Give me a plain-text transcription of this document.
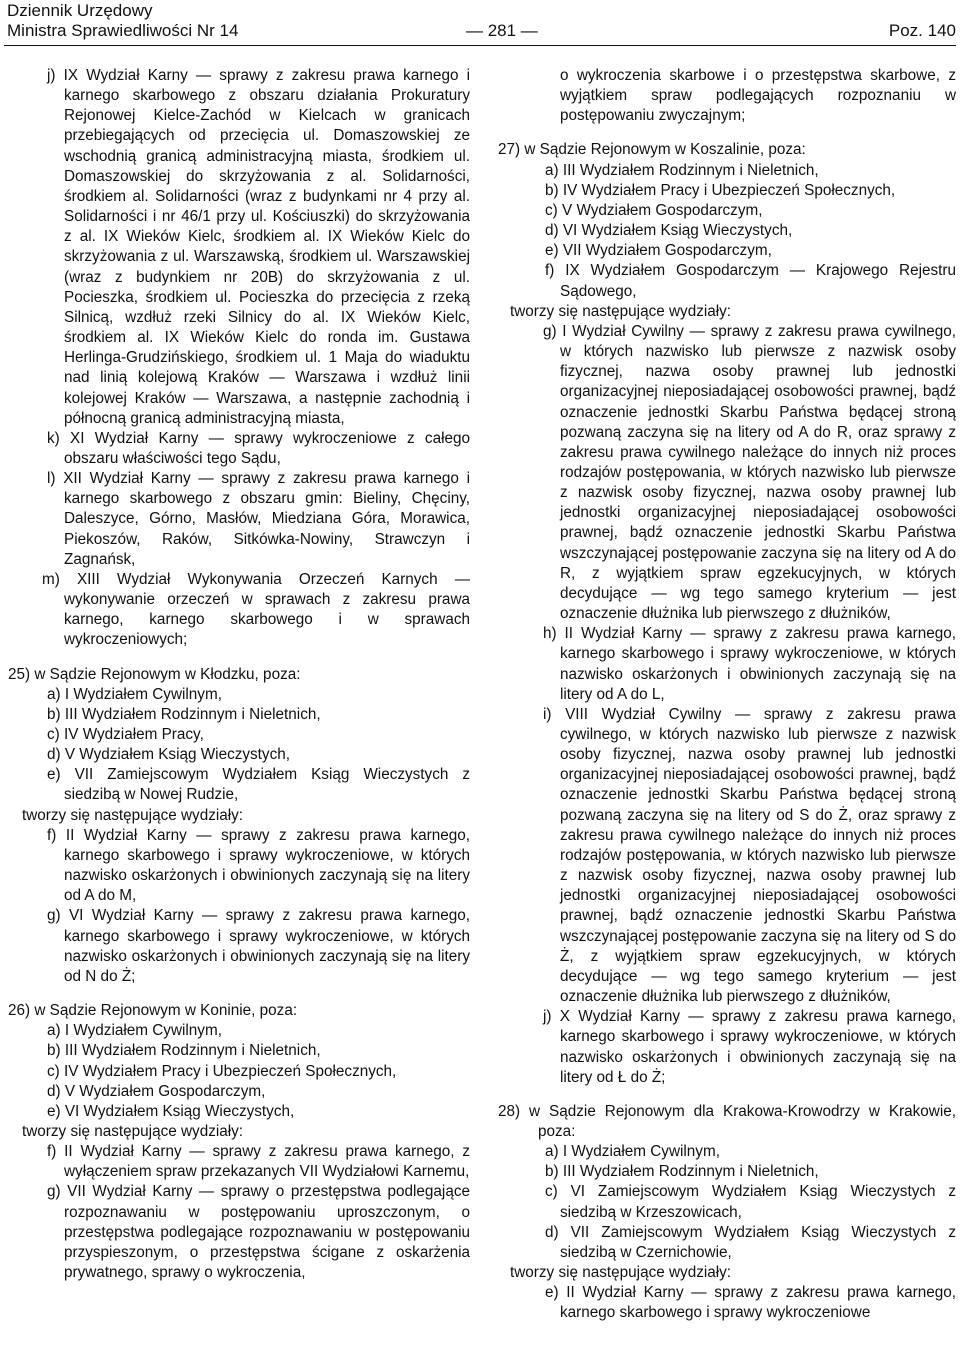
Dziennik Urzędowy
Ministra Sprawiedliwości Nr 14	— 281 —	Poz. 140

j) IX Wydział Karny — sprawy z zakresu prawa karnego i karnego skarbowego z obszaru działania Prokuratury Rejonowej Kielce-Zachód w Kielcach w granicach przebiegających od przecięcia ul. Domaszowskiej ze wschodnią granicą administracyjną miasta, środkiem ul. Domaszowskiej do skrzyżowania z al. Solidarności, środkiem al. Solidarności (wraz z budynkami nr 4 przy al. Solidarności i nr 46/1 przy ul. Kościuszki) do skrzyżowania z al. IX Wieków Kielc, środkiem al. IX Wieków Kielc do skrzyżowania z ul. Warszawską, środkiem ul. Warszawskiej (wraz z budynkiem nr 20B) do skrzyżowania z ul. Pocieszka, środkiem ul. Pocieszka do przecięcia z rzeką Silnicą, wzdłuż rzeki Silnicy do al. IX Wieków Kielc, środkiem al. IX Wieków Kielc do ronda im. Gustawa Herlinga-Grudzińskiego, środkiem ul. 1 Maja do wiaduktu nad linią kolejową Kraków — Warszawa i wzdłuż linii kolejowej Kraków — Warszawa, a następnie zachodnią i północną granicą administracyjną miasta,

k) XI Wydział Karny — sprawy wykroczeniowe z całego obszaru właściwości tego Sądu,

l) XII Wydział Karny — sprawy z zakresu prawa karnego i karnego skarbowego z obszaru gmin: Bieliny, Chęciny, Daleszyce, Górno, Masłów, Miedziana Góra, Morawica, Piekoszów, Raków, Sitkówka-Nowiny, Strawczyn i Zagnańsk,

m) XIII Wydział Wykonywania Orzeczeń Karnych — wykonywanie orzeczeń w sprawach z zakresu prawa karnego, karnego skarbowego i w sprawach wykroczeniowych;

25) w Sądzie Rejonowym w Kłodzku, poza:

a) I Wydziałem Cywilnym,

b) III Wydziałem Rodzinnym i Nieletnich,

c) IV Wydziałem Pracy,

d) V Wydziałem Ksiąg Wieczystych,

e) VII Zamiejscowym Wydziałem Ksiąg Wieczystych z siedzibą w Nowej Rudzie,

tworzy się następujące wydziały:

f) II Wydział Karny — sprawy z zakresu prawa karnego, karnego skarbowego i sprawy wykroczeniowe, w których nazwisko oskarżonych i obwinionych zaczynają się na litery od A do M,

g) VI Wydział Karny — sprawy z zakresu prawa karnego, karnego skarbowego i sprawy wykroczeniowe, w których nazwisko oskarżonych i obwinionych zaczynają się na litery od N do Ż;

26) w Sądzie Rejonowym w Koninie, poza:

a) I Wydziałem Cywilnym,

b) III Wydziałem Rodzinnym i Nieletnich,

c) IV Wydziałem Pracy i Ubezpieczeń Społecznych,

d) V Wydziałem Gospodarczym,

e) VI Wydziałem Ksiąg Wieczystych,

tworzy się następujące wydziały:

f) II Wydział Karny — sprawy z zakresu prawa karnego, z wyłączeniem spraw przekazanych VII Wydziałowi Karnemu,

g) VII Wydział Karny — sprawy o przestępstwa podlegające rozpoznawaniu w postępowaniu uproszczonym, o przestępstwa podlegające rozpoznawaniu w postępowaniu przyspieszonym, o przestępstwa ścigane z oskarżenia prywatnego, sprawy o wykroczenia,

o wykroczenia skarbowe i o przestępstwa skarbowe, z wyjątkiem spraw podlegających rozpoznaniu w postępowaniu zwyczajnym;

27) w Sądzie Rejonowym w Koszalinie, poza:

a) III Wydziałem Rodzinnym i Nieletnich,

b) IV Wydziałem Pracy i Ubezpieczeń Społecznych,

c) V Wydziałem Gospodarczym,

d) VI Wydziałem Ksiąg Wieczystych,

e) VII Wydziałem Gospodarczym,

f) IX Wydziałem Gospodarczym — Krajowego Rejestru Sądowego,

tworzy się następujące wydziały:

g) I Wydział Cywilny — sprawy z zakresu prawa cywilnego, w których nazwisko lub pierwsze z nazwisk osoby fizycznej, nazwa osoby prawnej lub jednostki organizacyjnej nieposiadającej osobowości prawnej, bądź oznaczenie jednostki Skarbu Państwa będącej stroną pozwaną zaczyna się na litery od A do R, oraz sprawy z zakresu prawa cywilnego należące do innych niż proces rodzajów postępowania, w których nazwisko lub pierwsze z nazwisk osoby fizycznej, nazwa osoby prawnej lub jednostki organizacyjnej nieposiadającej osobowości prawnej, bądź oznaczenie jednostki Skarbu Państwa wszczynającej postępowanie zaczyna się na litery od A do R, z wyjątkiem spraw egzekucyjnych, w których decydujące — wg tego samego kryterium — jest oznaczenie dłużnika lub pierwszego z dłużników,

h) II Wydział Karny — sprawy z zakresu prawa karnego, karnego skarbowego i sprawy wykroczeniowe, w których nazwisko oskarżonych i obwinionych zaczynają się na litery od A do L,

i) VIII Wydział Cywilny — sprawy z zakresu prawa cywilnego, w których nazwisko lub pierwsze z nazwisk osoby fizycznej, nazwa osoby prawnej lub jednostki organizacyjnej nieposiadającej osobowości prawnej, bądź oznaczenie jednostki Skarbu Państwa będącej stroną pozwaną zaczyna się na litery od S do Ż, oraz sprawy z zakresu prawa cywilnego należące do innych niż proces rodzajów postępowania, w których nazwisko lub pierwsze z nazwisk osoby fizycznej, nazwa osoby prawnej lub jednostki organizacyjnej nieposiadającej osobowości prawnej, bądź oznaczenie jednostki Skarbu Państwa wszczynającej postępowanie zaczyna się na litery od S do Ż, z wyjątkiem spraw egzekucyjnych, w których decydujące — wg tego samego kryterium — jest oznaczenie dłużnika lub pierwszego z dłużników,

j) X Wydział Karny — sprawy z zakresu prawa karnego, karnego skarbowego i sprawy wykroczeniowe, w których nazwisko oskarżonych i obwinionych zaczynają się na litery od Ł do Ż;

28) w Sądzie Rejonowym dla Krakowa-Krowodrzy w Krakowie, poza:

a) I Wydziałem Cywilnym,

b) III Wydziałem Rodzinnym i Nieletnich,

c) VI Zamiejscowym Wydziałem Ksiąg Wieczystych z siedzibą w Krzeszowicach,

d) VII Zamiejscowym Wydziałem Ksiąg Wieczystych z siedzibą w Czernichowie,

tworzy się następujące wydziały:

e) II Wydział Karny — sprawy z zakresu prawa karnego, karnego skarbowego i sprawy wykroczeniowe
